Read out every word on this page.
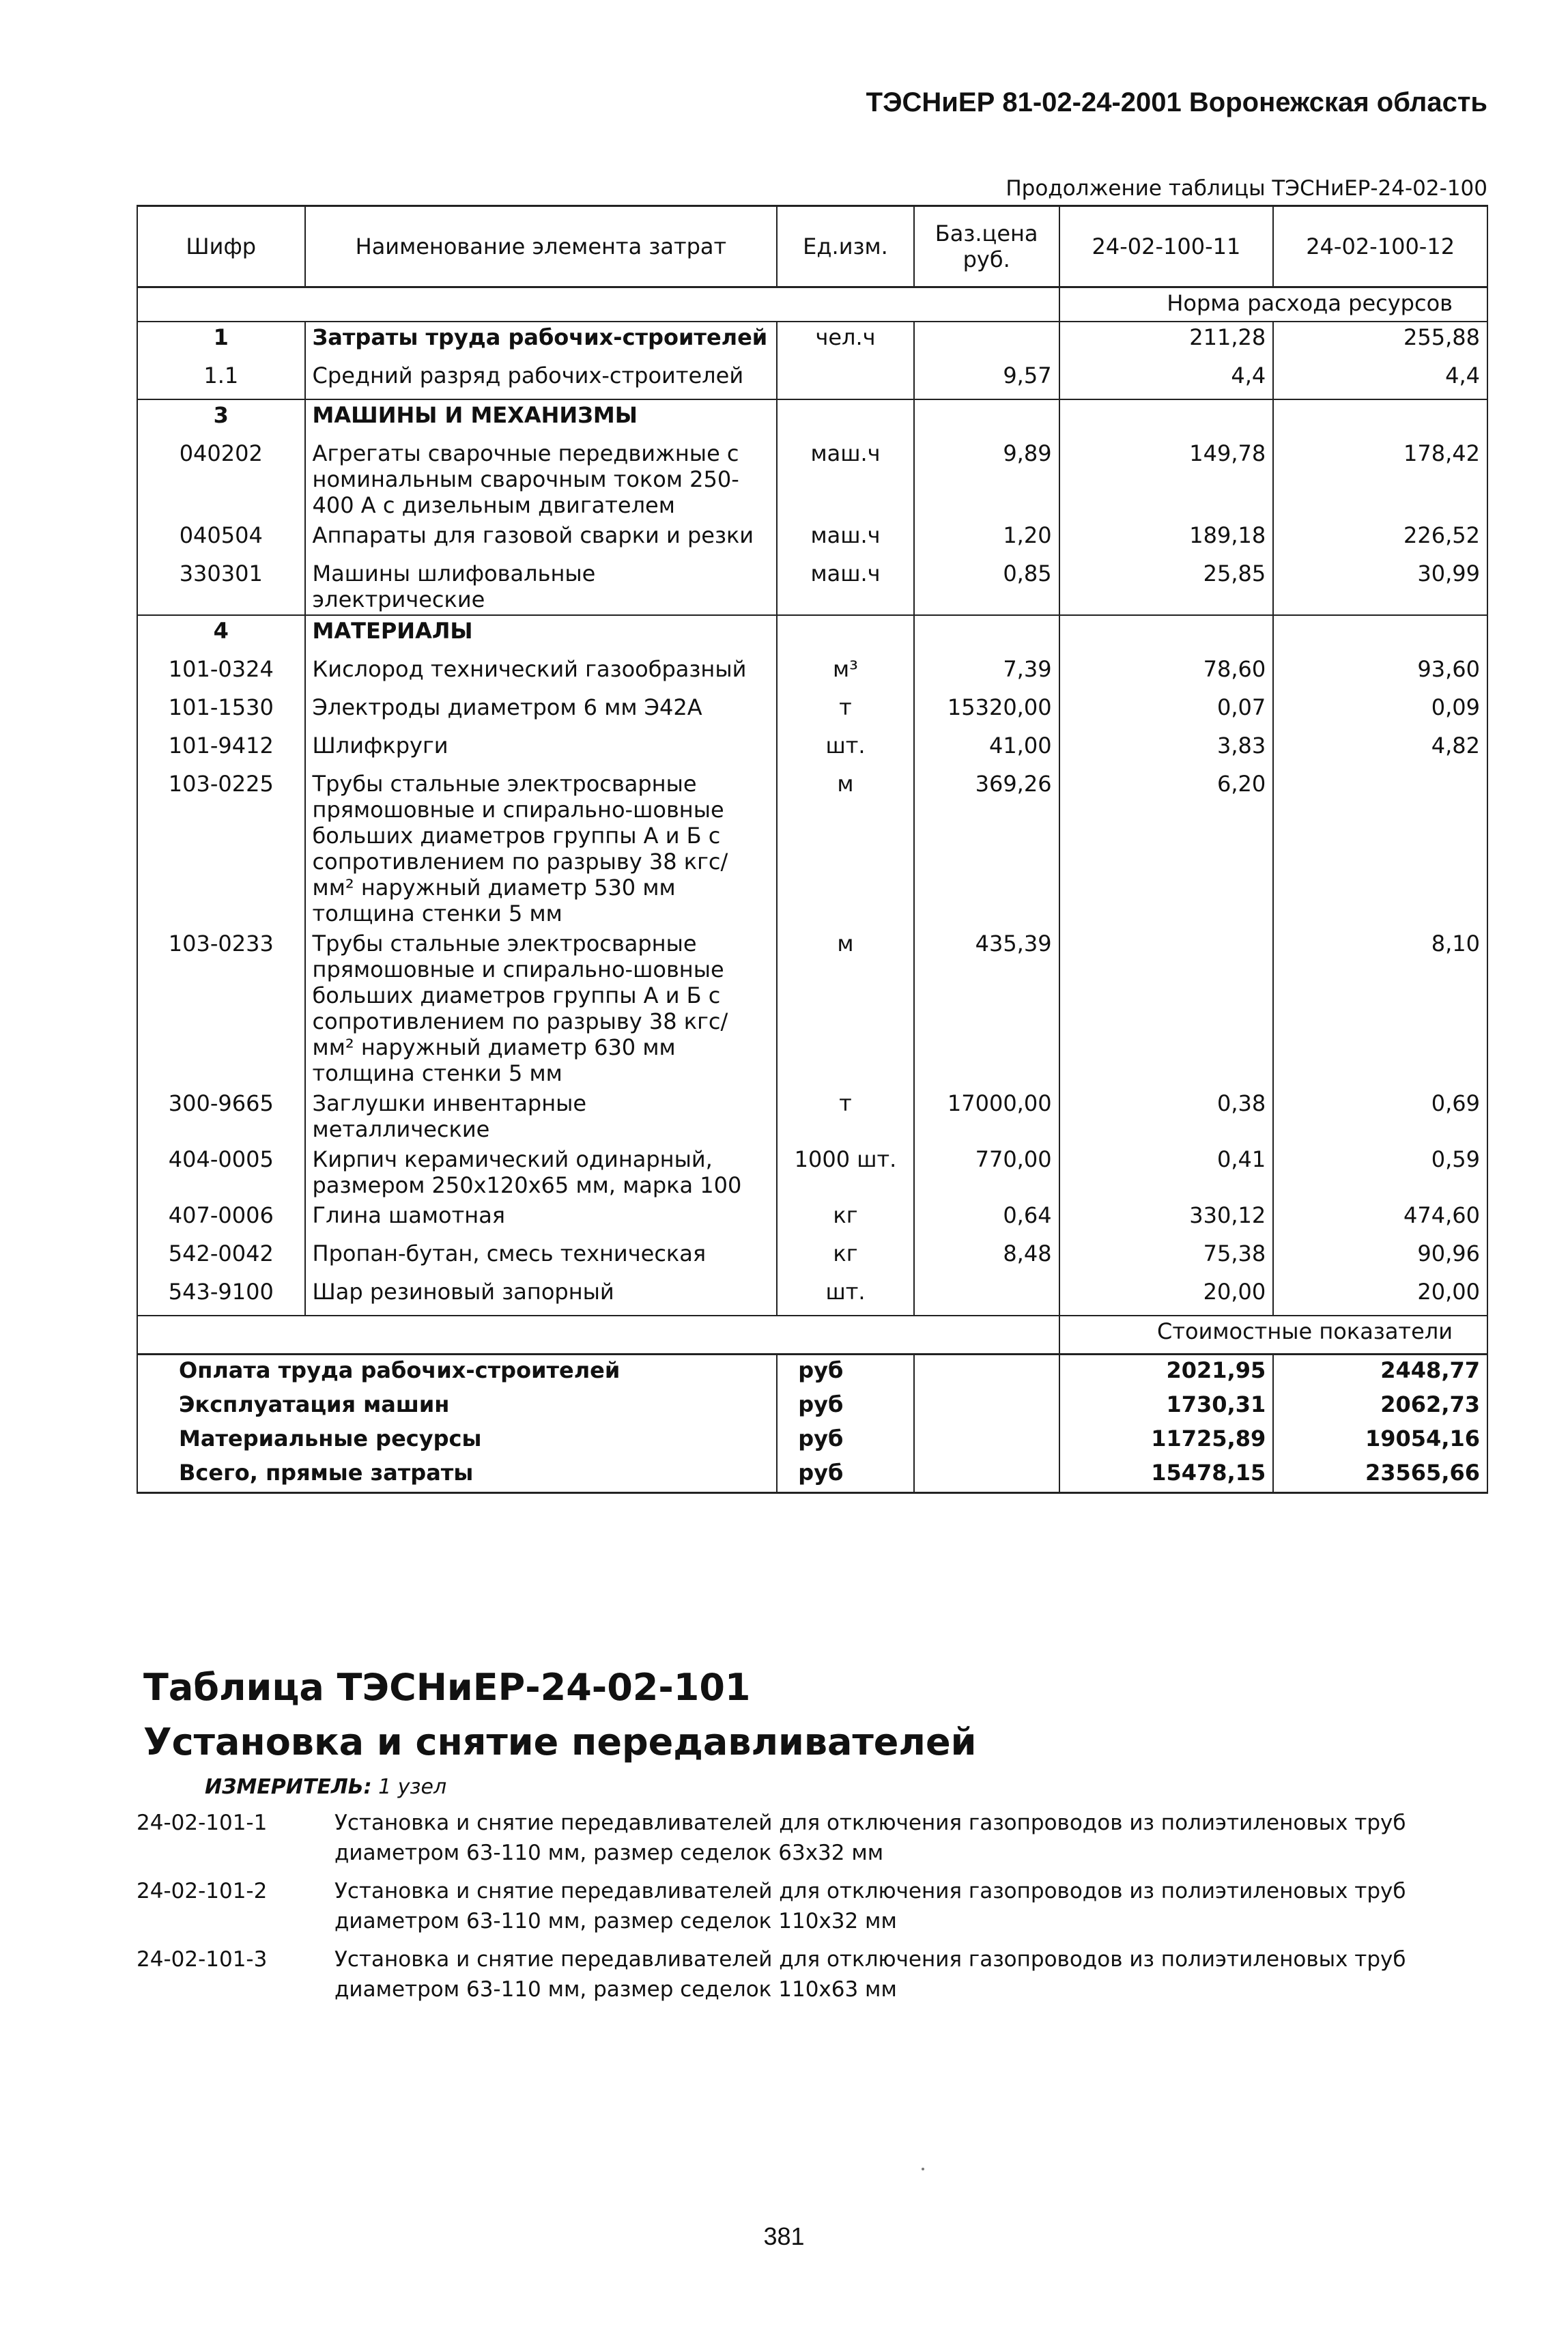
ТЭСНиЕР 81-02-24-2001 Воронежская область
Продолжение таблицы ТЭСНиЕР-24-02-100
Шифр	Наименование элемента затрат	Ед.изм.	Баз.цена руб.	24-02-100-11	24-02-100-12
				Норма расхода ресурсов	
1	Затраты труда рабочих-строителей	чел.ч		211,28	255,88
1.1	Средний разряд рабочих-строителей		9,57	4,4	4,4
3	МАШИНЫ И МЕХАНИЗМЫ				
040202	Агрегаты сварочные передвижные с номинальным сварочным током 250-400 А с дизельным двигателем	маш.ч	9,89	149,78	178,42
040504	Аппараты для газовой сварки и резки	маш.ч	1,20	189,18	226,52
330301	Машины шлифовальные электрические	маш.ч	0,85	25,85	30,99
4	МАТЕРИАЛЫ				
101-0324	Кислород технический газообразный	м³	7,39	78,60	93,60
101-1530	Электроды диаметром 6 мм Э42А	т	15320,00	0,07	0,09
101-9412	Шлифкруги	шт.	41,00	3,83	4,82
103-0225	Трубы стальные электросварные прямошовные и спирально-шовные больших диаметров группы А и Б с сопротивлением по разрыву 38 кгс/мм² наружный диаметр 530 мм толщина стенки 5 мм	м	369,26	6,20	
103-0233	Трубы стальные электросварные прямошовные и спирально-шовные больших диаметров группы А и Б с сопротивлением по разрыву 38 кгс/мм² наружный диаметр 630 мм толщина стенки 5 мм	м	435,39		8,10
300-9665	Заглушки инвентарные металлические	т	17000,00	0,38	0,69
404-0005	Кирпич керамический одинарный, размером 250х120х65 мм, марка 100	1000 шт.	770,00	0,41	0,59
407-0006	Глина шамотная	кг	0,64	330,12	474,60
542-0042	Пропан-бутан, смесь техническая	кг	8,48	75,38	90,96
543-9100	Шар резиновый запорный	шт.		20,00	20,00
				Стоимостные показатели	
Оплата труда рабочих-строителей		руб		2021,95	2448,77
Эксплуатация машин		руб		1730,31	2062,73
Материальные ресурсы		руб		11725,89	19054,16
Всего, прямые затраты		руб		15478,15	23565,66
Таблица ТЭСНиЕР-24-02-101
Установка и снятие передавливателей
ИЗМЕРИТЕЛЬ: 1 узел
24-02-101-1	Установка и снятие передавливателей для отключения газопроводов из полиэтиленовых труб диаметром 63-110 мм, размер седелок 63х32 мм
24-02-101-2	Установка и снятие передавливателей для отключения газопроводов из полиэтиленовых труб диаметром 63-110 мм, размер седелок 110х32 мм
24-02-101-3	Установка и снятие передавливателей для отключения газопроводов из полиэтиленовых труб диаметром 63-110 мм, размер седелок 110х63 мм
381
